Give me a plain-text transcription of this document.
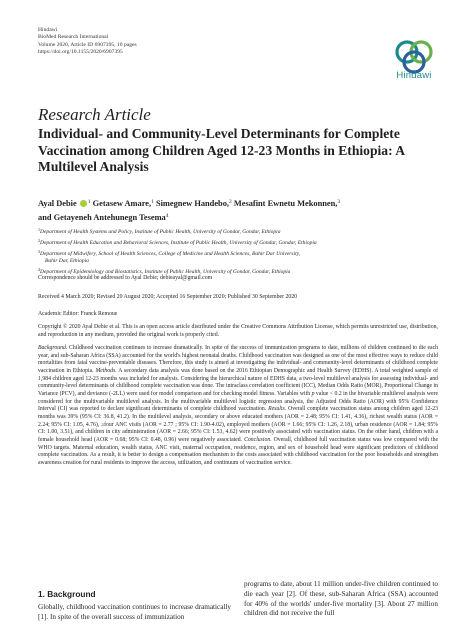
Hindawi
BioMed Research International
Volume 2020, Article ID 6907395, 10 pages
https://doi.org/10.1155/2020/6907395
Hindawi
Research Article
Individual- and Community-Level Determinants for Complete Vaccination among Children Aged 12-23 Months in Ethiopia: A Multilevel Analysis
Ayal Debie $^1$ Getasew Amare,$^1$ Simegnew Handebo,$^2$ Mesafint Ewnetu Mekonnen,$^3$
and Getayeneh Antehunegn Tesema$^4$
$^1$Department of Health Systems and Policy, Institute of Public Health, University of Gondar, Gondar, Ethiopia
$^2$Department of Health Education and Behavioral Sciences, Institute of Public Health, University of Gondar, Gondar, Ethiopia
$^3$Department of Midwifery, School of Health Sciences, College of Medicine and Health Sciences, Bahir Dar University,
Bahir Dar, Ethiopia
$^4$Department of Epidemiology and Biostatistics, Institute of Public Health, University of Gondar, Gondar, Ethiopia
Correspondence should be addressed to Ayal Debie; debieayal@gmail.com
Received 4 March 2020; Revised 20 August 2020; Accepted 16 September 2020; Published 30 September 2020
Academic Editor: Franck Remoue
Copyright © 2020 Ayal Debie et al. This is an open access article distributed under the Creative Commons Attribution License, which permits unrestricted use, distribution, and reproduction in any medium, provided the original work is properly cited.
Background. Childhood vaccination continues to increase dramatically. In spite of the success of immunization programs to date, millions of children continued to die each year, and sub-Saharan Africa (SSA) accounted for the world's highest neonatal deaths. Childhood vaccination was designed as one of the most effective ways to reduce child mortalities from fatal vaccine-preventable diseases. Therefore, this study is aimed at investigating the individual- and community-level determinants of childhood complete vaccination in Ethiopia. Methods. A secondary data analysis was done based on the 2016 Ethiopian Demographic and Health Survey (EDHS). A total weighted sample of 1,984 children aged 12-23 months was included for analysis. Considering the hierarchical nature of EDHS data, a two-level multilevel analysis for assessing individual- and community-level determinants of childhood complete vaccination was done. The intraclass correlation coefficient (ICC), Median Odds Ratio (MOR), Proportional Change in Variance (PCV), and deviance (-2LL) were used for model comparison and for checking model fitness. Variables with p value < 0.2 in the bivariable multilevel analysis were considered for the multivariable multilevel analysis. In the multivariable multilevel logistic regression analysis, the Adjusted Odds Ratio (AOR) with 95% Confidence Interval (CI) was reported to declare significant determinants of complete childhood vaccination. Results. Overall complete vaccination status among children aged 12-23 months was 39% (95% CI: 36.8, 41.2). In the multilevel analysis, secondary or above educated mothers (AOR = 2.48; 95% CI: 1.41, 4.36), richest wealth status (AOR = 2.24; 95% CI: 1.05, 4.76), ≥four ANC visits (AOR = 2.77 ; 95% CI: 1.90-4.02), employed mothers (AOR = 1.66; 95% CI: 1.26, 2.18), urban residence (AOR = 1.84; 95% CI: 1.00, 3.51), and children in city administration (AOR = 2.66; 95% CI: 1.53, 4.62) were positively associated with vaccination status. On the other hand, children with a female household head (AOR = 0.68; 95% CI: 0.48, 0.96) were negatively associated. Conclusion. Overall, childhood full vaccination status was low compared with the WHO targets. Maternal education, wealth status, ANC visit, maternal occupation, residence, region, and sex of household head were significant predictors of childhood complete vaccination. As a result, it is better to design a compensation mechanism to the costs associated with childhood vaccination for the poor households and strengthen awareness creation for rural residents to improve the access, utilization, and continuum of vaccination service.
1. Background
Globally, childhood vaccination continues to increase dramatically [1]. In spite of the overall success of immunization
programs to date, about 11 million under-five children continued to die each year [2]. Of these, sub-Saharan Africa (SSA) accounted for 40% of the worlds' under-five mortality [3]. About 27 million children did not receive the full
